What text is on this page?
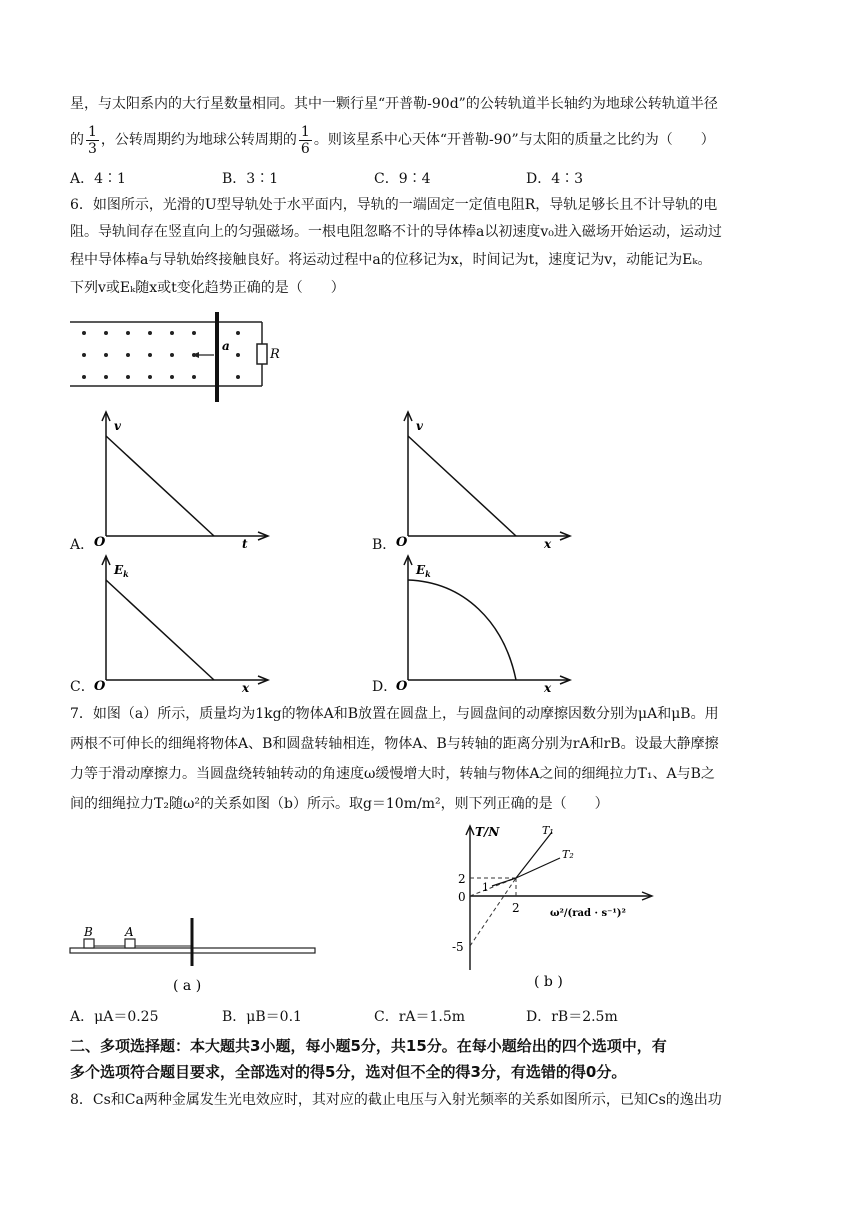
星，与太阳系内的大行星数量相同。其中一颗行星“开普勒-90d”的公转轨道半长轴约为地球公转轨道半径
的 $\frac{1}{3}$ ，公转周期约为地球公转周期的 $\frac{1}{6}$ 。则该星系中心天体“开普勒-90”与太阳的质量之比约为（　　）
A．4∶1	B．3∶1	C．9∶4	D．4∶3
6．如图所示，光滑的U型导轨处于水平面内，导轨的一端固定一定值电阻R，导轨足够长且不计导轨的电
阻。导轨间存在竖直向上的匀强磁场。一根电阻忽略不计的导体棒a以初速度v₀进入磁场开始运动，运动过
程中导体棒a与导轨始终接触良好。将运动过程中a的位移记为x，时间记为t，速度记为v，动能记为Eₖ。
下列v或Eₖ随x或t变化趋势正确的是（　　）
a
R
A．
v
O	t	B．
v
O	x
C．
$E_k$
O	x	D．
$E_k$
O	x
7．如图（a）所示，质量均为1kg的物体A和B放置在圆盘上，与圆盘间的动摩擦因数分别为μA和μB。用
两根不可伸长的细绳将物体A、B和圆盘转轴相连，物体A、B与转轴的距离分别为rA和rB。设最大静摩擦
力等于滑动摩擦力。当圆盘绕转轴转动的角速度ω缓慢增大时，转轴与物体A之间的细绳拉力T₁、A与B之
间的细绳拉力T₂随ω²的关系如图（b）所示。取g＝10m/m²，则下列正确的是（　　）
B	A
( a )
T/N	T₁
T₂
2
0
-5
1
2	ω²/(rad · s⁻¹)²
( b )
A．μA＝0.25	B．μB＝0.1	C．rA＝1.5m	D．rB＝2.5m
二、多项选择题：本大题共3小题，每小题5分，共15分。在每小题给出的四个选项中，有
多个选项符合题目要求，全部选对的得5分，选对但不全的得3分，有选错的得0分。
8．Cs和Ca两种金属发生光电效应时，其对应的截止电压与入射光频率的关系如图所示，已知Cs的逸出功
